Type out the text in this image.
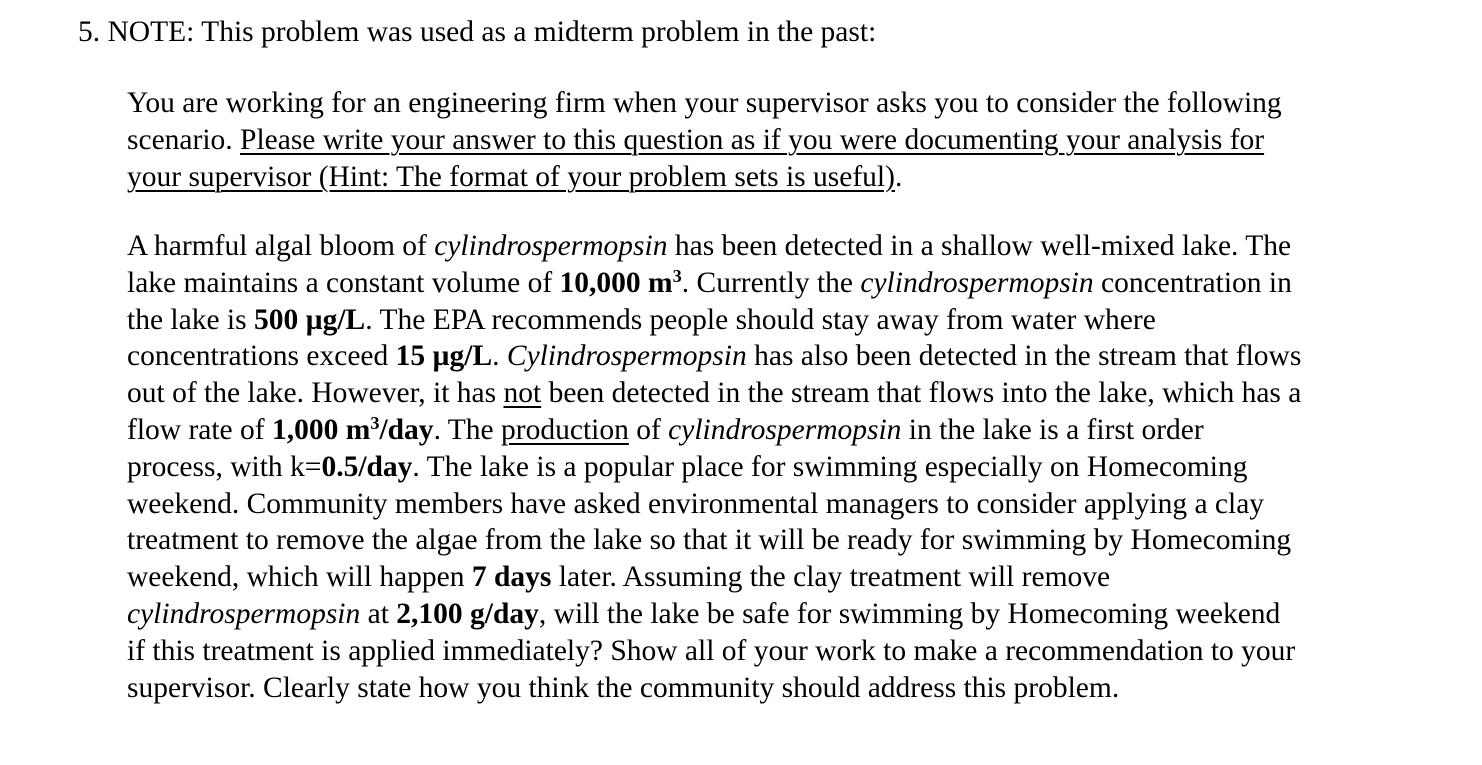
5. NOTE: This problem was used as a midterm problem in the past:
You are working for an engineering firm when your supervisor asks you to consider the following
scenario. Please write your answer to this question as if you were documenting your analysis for
your supervisor (Hint: The format of your problem sets is useful).
A harmful algal bloom of cylindrospermopsin has been detected in a shallow well-mixed lake. The
lake maintains a constant volume of 10,000 $m^3$. Currently the cylindrospermopsin concentration in
the lake is 500 µg/L. The EPA recommends people should stay away from water where
concentrations exceed 15 µg/L. Cylindrospermopsin has also been detected in the stream that flows
out of the lake. However, it has not been detected in the stream that flows into the lake, which has a
flow rate of 1,000 $m^3$/day. The production of cylindrospermopsin in the lake is a first order
process, with k=0.5/day. The lake is a popular place for swimming especially on Homecoming
weekend. Community members have asked environmental managers to consider applying a clay
treatment to remove the algae from the lake so that it will be ready for swimming by Homecoming
weekend, which will happen 7 days later. Assuming the clay treatment will remove
cylindrospermopsin at 2,100 g/day, will the lake be safe for swimming by Homecoming weekend
if this treatment is applied immediately? Show all of your work to make a recommendation to your
supervisor. Clearly state how you think the community should address this problem.
